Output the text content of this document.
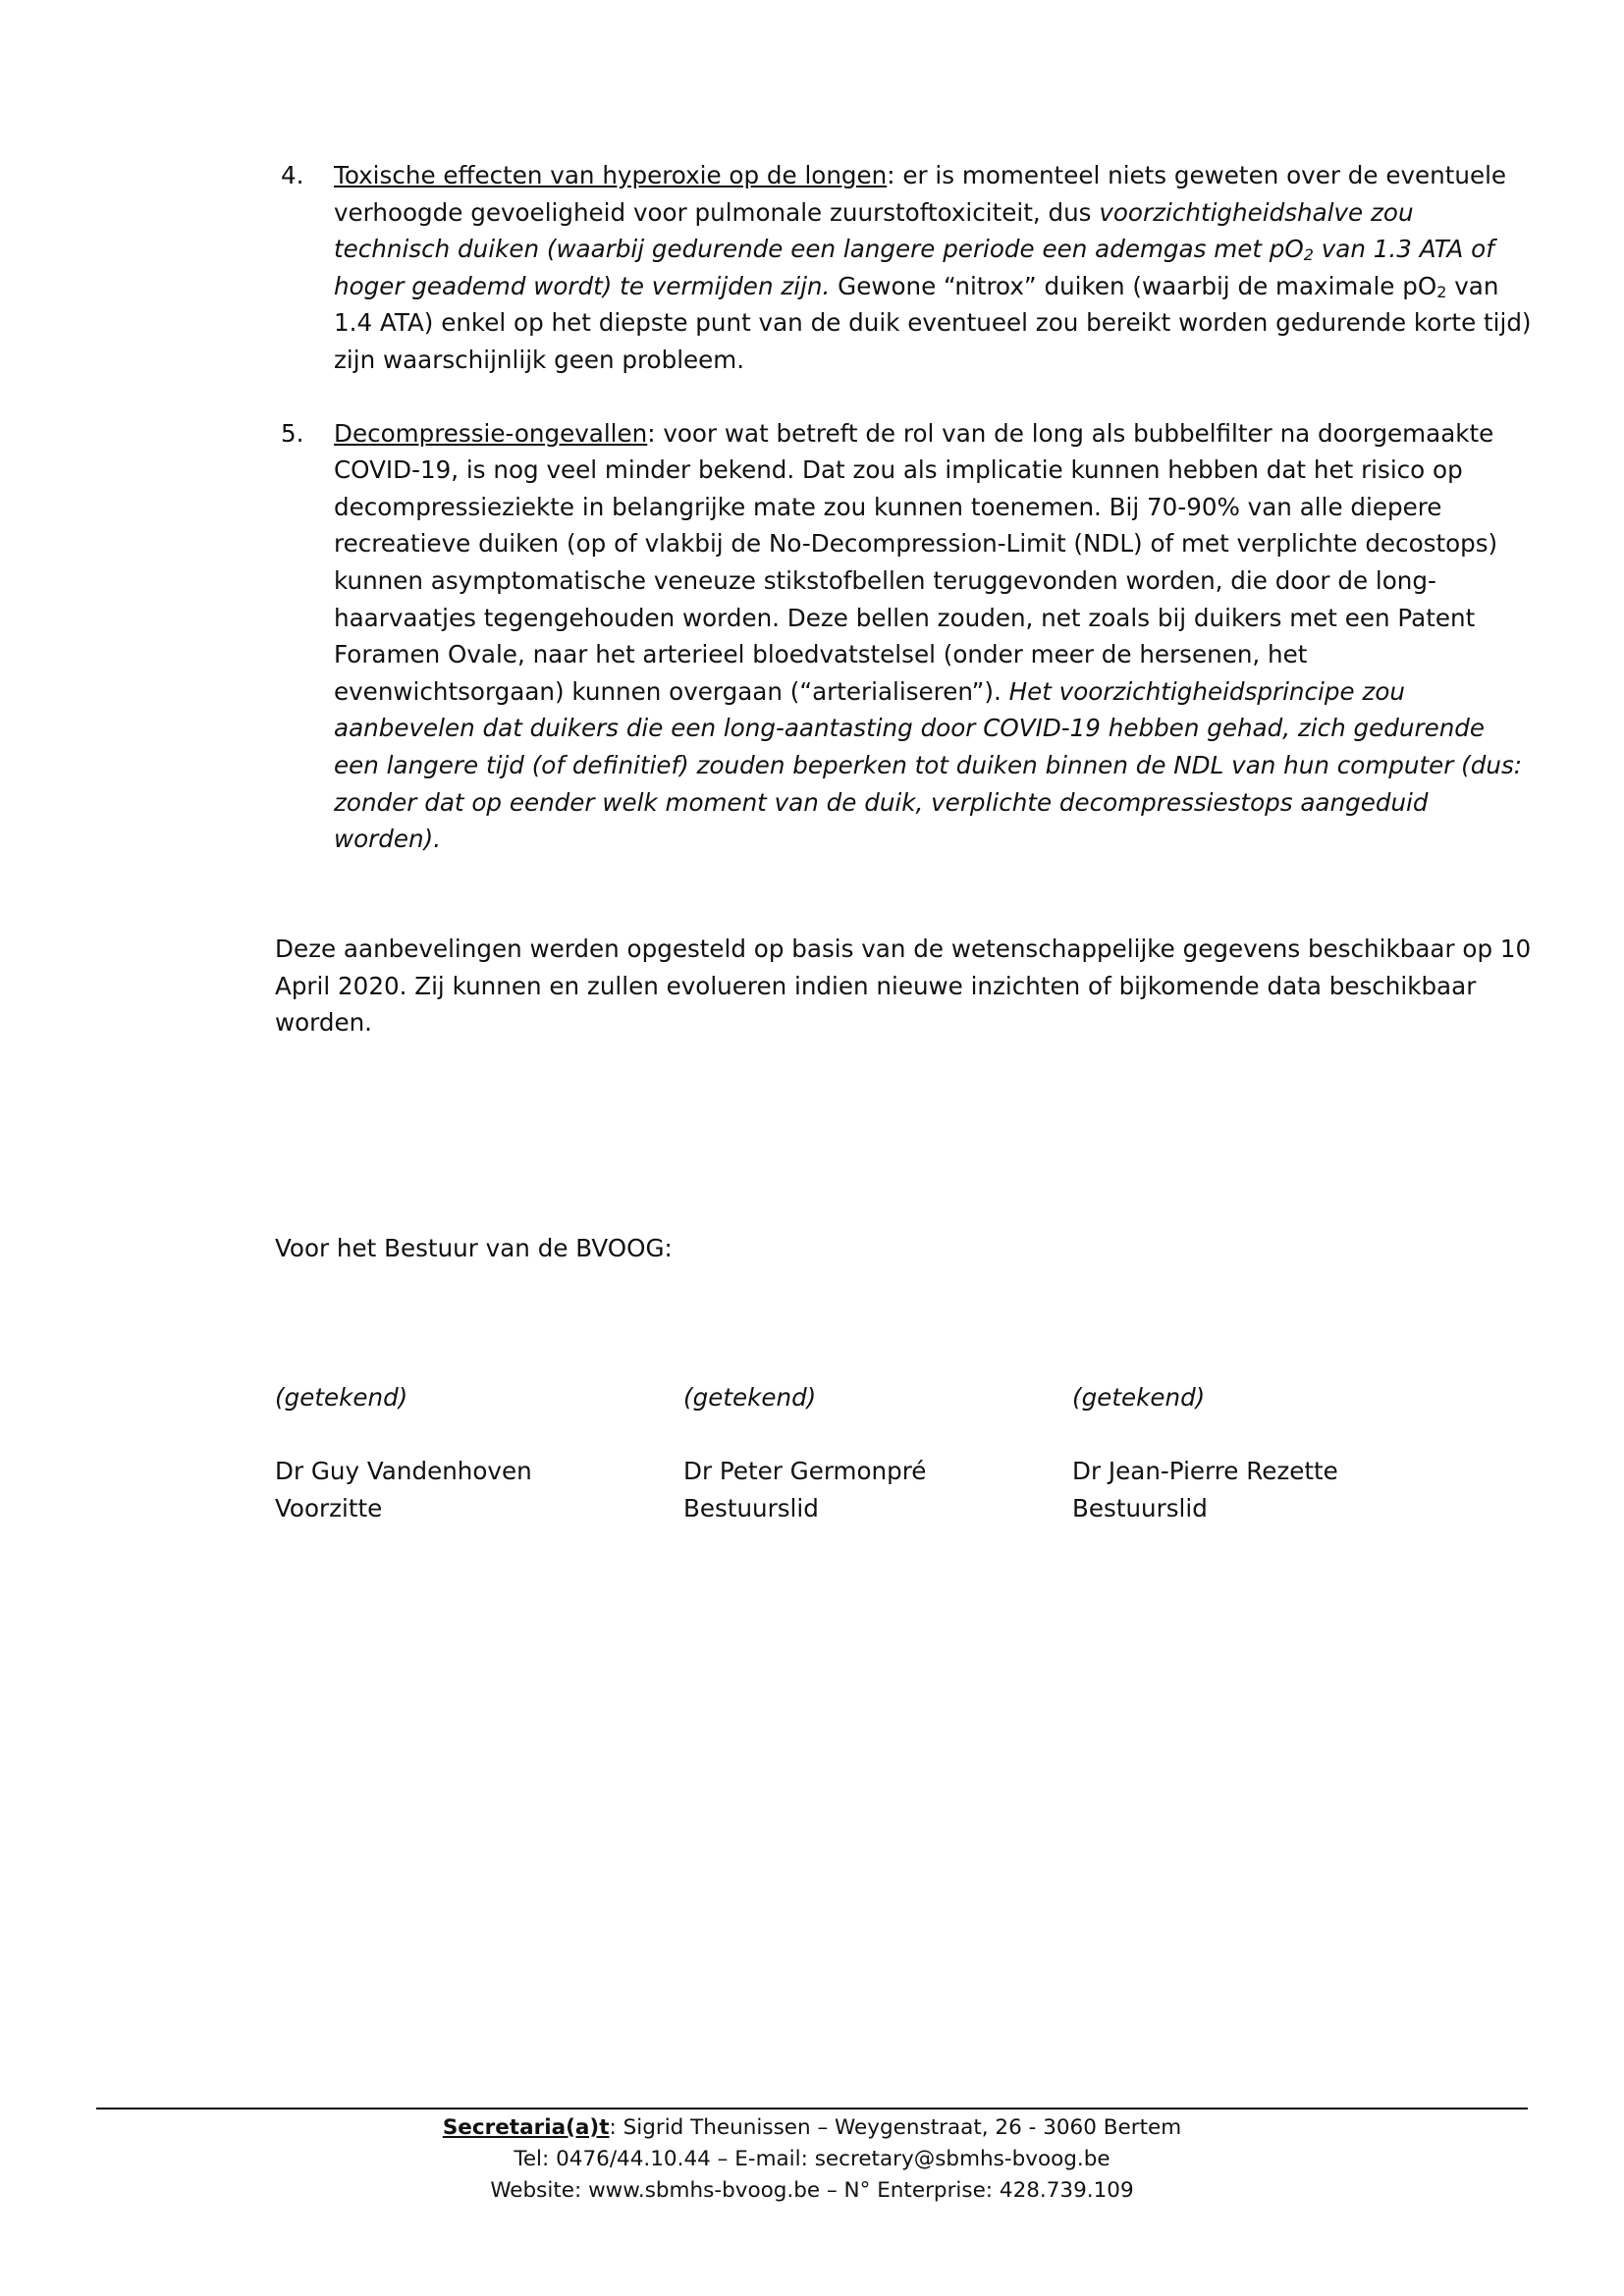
4. Toxische effecten van hyperoxie op de longen: er is momenteel niets geweten over de eventuele verhoogde gevoeligheid voor pulmonale zuurstoftoxiciteit, dus voorzichtigheidshalve zou technisch duiken (waarbij gedurende een langere periode een ademgas met $pO_2$ van 1.3 ATA of hoger geademd wordt) te vermijden zijn. Gewone “nitrox” duiken (waarbij de maximale $pO_2$ van 1.4 ATA) enkel op het diepste punt van de duik eventueel zou bereikt worden gedurende korte tijd) zijn waarschijnlijk geen probleem.
5. Decompressie-ongevallen: voor wat betreft de rol van de long als bubbelfilter na doorgemaakte COVID-19, is nog veel minder bekend. Dat zou als implicatie kunnen hebben dat het risico op decompressieziekte in belangrijke mate zou kunnen toenemen. Bij 70-90% van alle diepere recreatieve duiken (op of vlakbij de No-Decompression-Limit (NDL) of met verplichte decostops) kunnen asymptomatische veneuze stikstofbellen teruggevonden worden, die door de long-haarvaatjes tegengehouden worden. Deze bellen zouden, net zoals bij duikers met een Patent Foramen Ovale, naar het arterieel bloedvatstelsel (onder meer de hersenen, het evenwichtsorgaan) kunnen overgaan (“arterialiseren”). Het voorzichtigheidsprincipe zou aanbevelen dat duikers die een long-aantasting door COVID-19 hebben gehad, zich gedurende een langere tijd (of definitief) zouden beperken tot duiken binnen de NDL van hun computer (dus: zonder dat op eender welk moment van de duik, verplichte decompressiestops aangeduid worden).

Deze aanbevelingen werden opgesteld op basis van de wetenschappelijke gegevens beschikbaar op 10 April 2020. Zij kunnen en zullen evolueren indien nieuwe inzichten of bijkomende data beschikbaar worden.

Voor het Bestuur van de BVOOG:

(getekend)
Dr Guy Vandenhoven
Voorzitte
(getekend)
Dr Peter Germonpré
Bestuurslid
(getekend)
Dr Jean-Pierre Rezette
Bestuurslid
Secretaria(a)t: Sigrid Theunissen – Weygenstraat, 26 - 3060 Bertem
Tel: 0476/44.10.44 – E-mail: secretary@sbmhs-bvoog.be
Website: www.sbmhs-bvoog.be – N° Enterprise: 428.739.109
